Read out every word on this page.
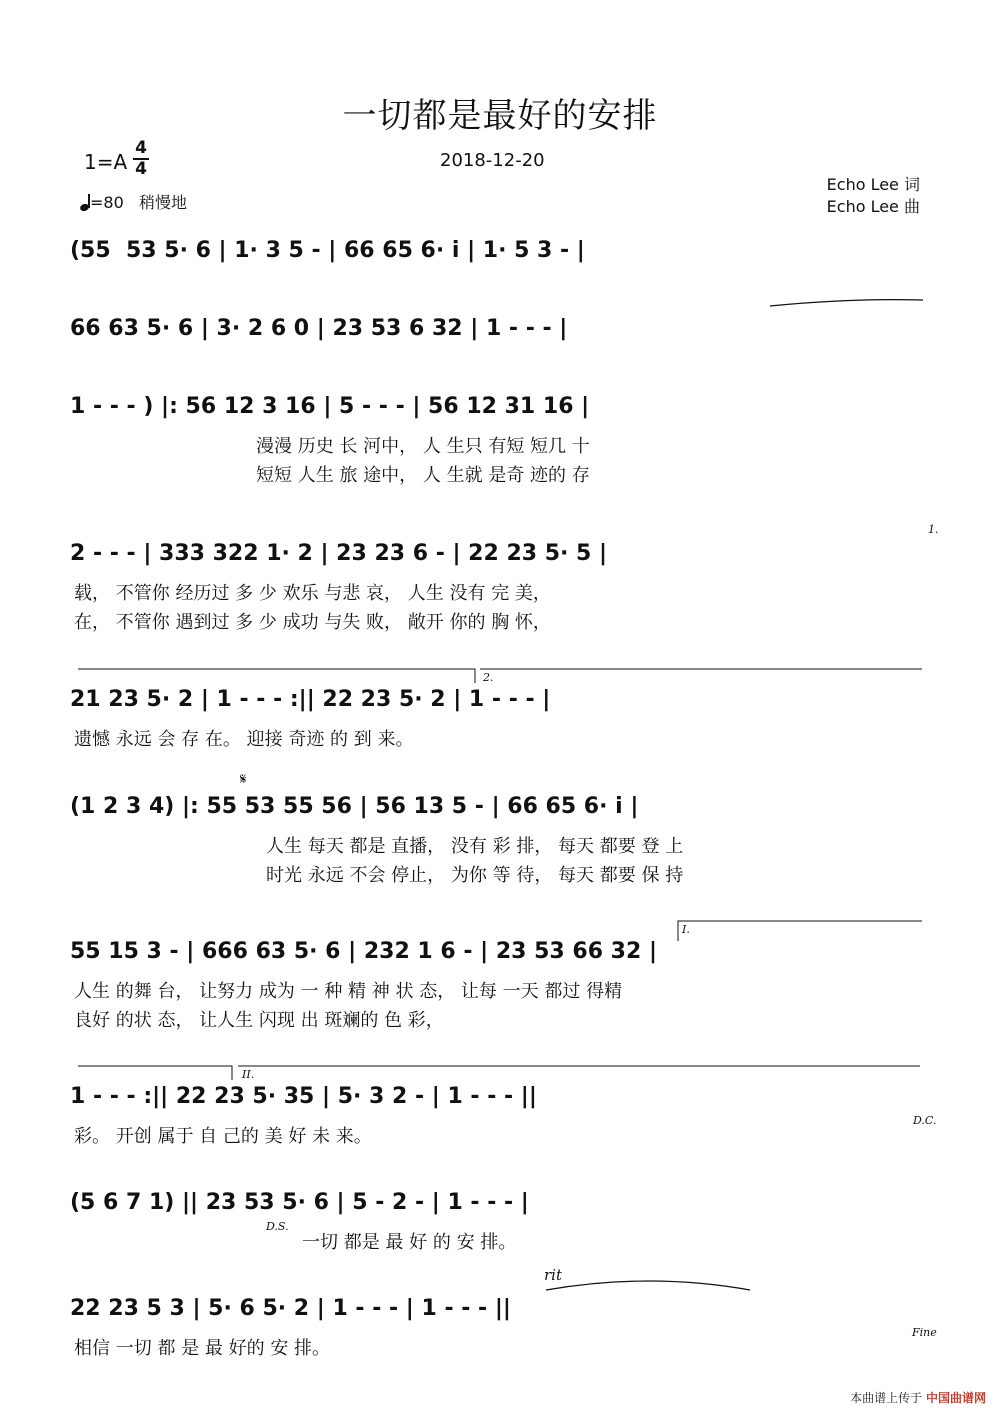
一切都是最好的安排
1=A
4
4	2018-12-20
=80 稍慢地
Echo Lee 词
Echo Lee 曲
(55  53 5· 6 | 1· 3 5 - | 66 65 6· i | 1· 5 3 - |
66 63 5· 6 | 3· 2 6 0 | 23 53 6 32 | 1 - - - |
1 - - - ) |: 56 12 3 16 | 5 - - - | 56 12 31 16 |
漫漫 历史 长 河中， 人 生只 有短 短几 十
短短 人生 旅 途中， 人 生就 是奇 迹的 存
1.
2 - - - | 333 322 1· 2 | 23 23 6 - | 22 23 5· 5 |
载， 不管你 经历过 多 少 欢乐 与悲 哀， 人生 没有 完 美，
在， 不管你 遇到过 多 少 成功 与失 败， 敞开 你的 胸 怀，
2.
21 23 5· 2 | 1 - - - :|| 22 23 5· 2 | 1 - - - |
遗憾 永远 会 存 在。 迎接 奇迹 的 到 来。
𝄋
(1 2 3 4) |: 55 53 55 56 | 56 13 5 - | 66 65 6· i |
人生 每天 都是 直播， 没有 彩 排， 每天 都要 登 上
时光 永远 不会 停止， 为你 等 待， 每天 都要 保 持
I.
55 15 3 - | 666 63 5· 6 | 232 1 6 - | 23 53 66 32 |
人生 的舞 台， 让努力 成为 一 种 精 神 状 态， 让每 一天 都过 得精
良好 的状 态， 让人生 闪现 出 斑斓的 色 彩，
II.
D.C.
1 - - - :|| 22 23 5· 35 | 5· 3 2 - | 1 - - - ||
彩。 开创 属于 自 己的 美 好 未 来。
D.S.
(5 6 7 1) || 23 53 5· 6 | 5 - 2 - | 1 - - - |
一切 都是 最 好 的 安 排。
rit
Fine
22 23 5 3 | 5· 6 5· 2 | 1 - - - | 1 - - - ||
相信 一切 都 是 最 好的 安 排。
本曲谱上传于 中国曲谱网
